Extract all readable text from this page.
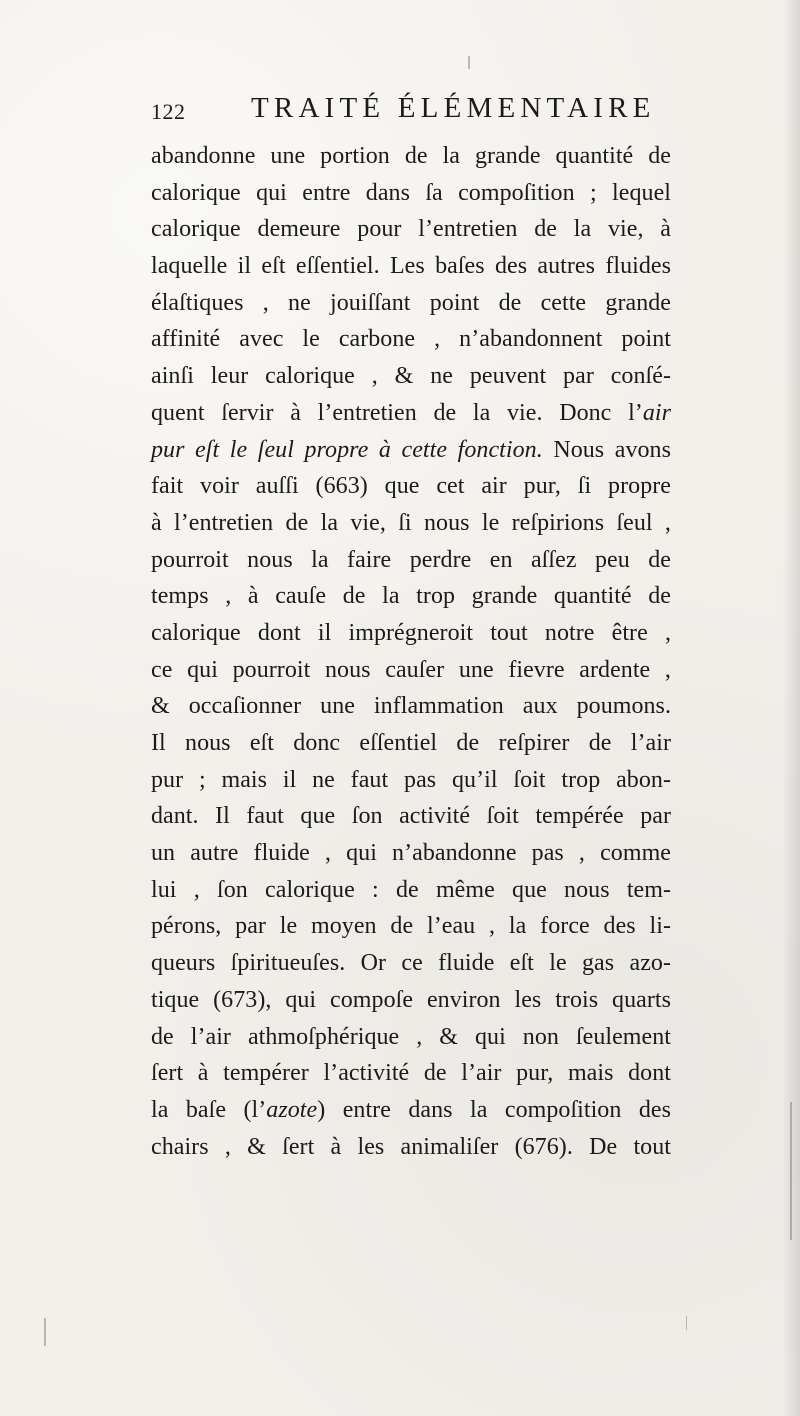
122 TRAITÉ ÉLÉMENTAIRE
abandonne une portion de la grande quantité de
calorique qui entre dans ſa compoſition ; lequel
calorique demeure pour l’entretien de la vie, à
laquelle il eſt eſſentiel. Les baſes des autres fluides
élaſtiques , ne jouiſſant point de cette grande
affinité avec le carbone , n’abandonnent point
ainſi leur calorique , & ne peuvent par conſé-
quent ſervir à l’entretien de la vie. Donc l’air
pur eſt le ſeul propre à cette fonction. Nous avons
fait voir auſſi (663) que cet air pur, ſi propre
à l’entretien de la vie, ſi nous le reſpirions ſeul ,
pourroit nous la faire perdre en aſſez peu de
temps , à cauſe de la trop grande quantité de
calorique dont il imprégneroit tout notre être ,
ce qui pourroit nous cauſer une fievre ardente ,
& occaſionner une inflammation aux poumons.
Il nous eſt donc eſſentiel de reſpirer de l’air
pur ; mais il ne faut pas qu’il ſoit trop abon-
dant. Il faut que ſon activité ſoit tempérée par
un autre fluide , qui n’abandonne pas , comme
lui , ſon calorique : de même que nous tem-
pérons, par le moyen de l’eau , la force des li-
queurs ſpiritueuſes. Or ce fluide eſt le gas azo-
tique (673), qui compoſe environ les trois quarts
de l’air athmoſphérique , & qui non ſeulement
ſert à tempérer l’activité de l’air pur, mais dont
la baſe (l’azote) entre dans la compoſition des
chairs , & ſert à les animaliſer (676). De tout
